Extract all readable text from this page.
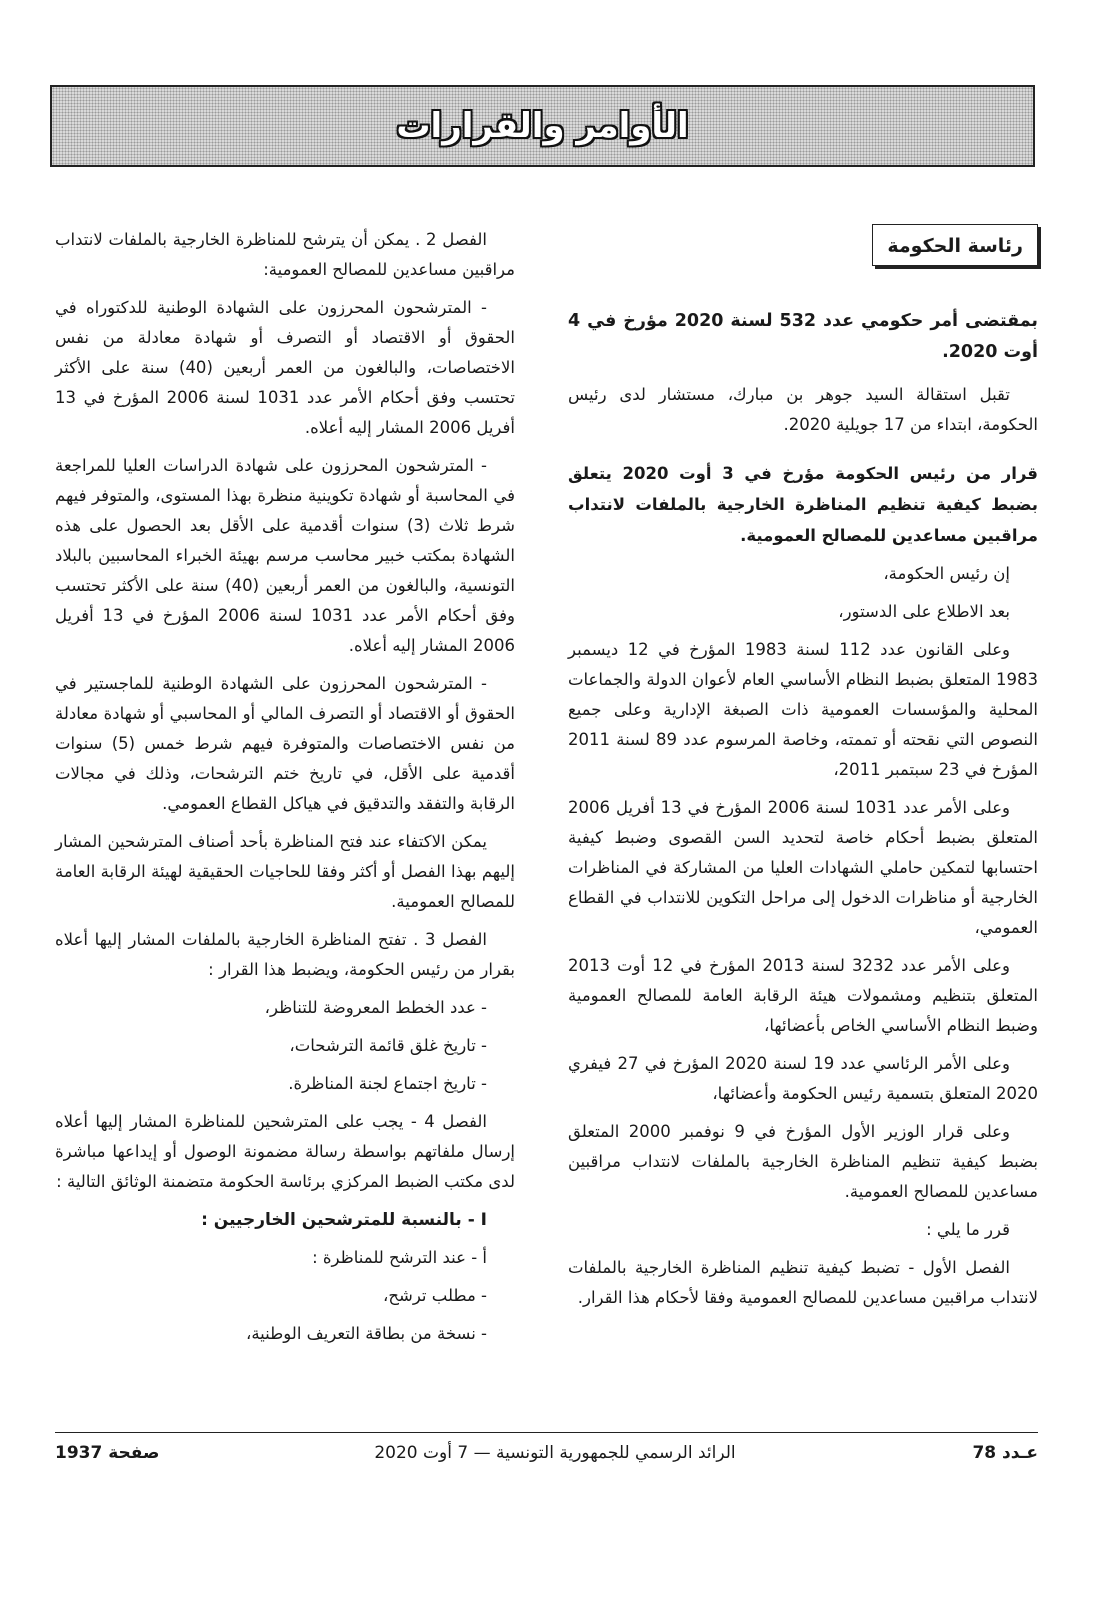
الأوامر والقرارات
رئاسة الحكومة

بمقتضى أمر حكومي عدد 532 لسنة 2020 مؤرخ في 4 أوت 2020.

تقبل استقالة السيد جوهر بن مبارك، مستشار لدى رئيس الحكومة، ابتداء من 17 جويلية 2020.

قرار من رئيس الحكومة مؤرخ في 3 أوت 2020 يتعلق بضبط كيفية تنظيم المناظرة الخارجية بالملفات لانتداب مراقبين مساعدين للمصالح العمومية.

إن رئيس الحكومة،

بعد الاطلاع على الدستور،

وعلى القانون عدد 112 لسنة 1983 المؤرخ في 12 ديسمبر 1983 المتعلق بضبط النظام الأساسي العام لأعوان الدولة والجماعات المحلية والمؤسسات العمومية ذات الصبغة الإدارية وعلى جميع النصوص التي نقحته أو تممته، وخاصة المرسوم عدد 89 لسنة 2011 المؤرخ في 23 سبتمبر 2011،

وعلى الأمر عدد 1031 لسنة 2006 المؤرخ في 13 أفريل 2006 المتعلق بضبط أحكام خاصة لتحديد السن القصوى وضبط كيفية احتسابها لتمكين حاملي الشهادات العليا من المشاركة في المناظرات الخارجية أو مناظرات الدخول إلى مراحل التكوين للانتداب في القطاع العمومي،

وعلى الأمر عدد 3232 لسنة 2013 المؤرخ في 12 أوت 2013 المتعلق بتنظيم ومشمولات هيئة الرقابة العامة للمصالح العمومية وضبط النظام الأساسي الخاص بأعضائها،

وعلى الأمر الرئاسي عدد 19 لسنة 2020 المؤرخ في 27 فيفري 2020 المتعلق بتسمية رئيس الحكومة وأعضائها،

وعلى قرار الوزير الأول المؤرخ في 9 نوفمبر 2000 المتعلق بضبط كيفية تنظيم المناظرة الخارجية بالملفات لانتداب مراقبين مساعدين للمصالح العمومية.

قرر ما يلي :

الفصل الأول - تضبط كيفية تنظيم المناظرة الخارجية بالملفات لانتداب مراقبين مساعدين للمصالح العمومية وفقا لأحكام هذا القرار.

الفصل 2 . يمكن أن يترشح للمناظرة الخارجية بالملفات لانتداب مراقبين مساعدين للمصالح العمومية:

- المترشحون المحرزون على الشهادة الوطنية للدكتوراه في الحقوق أو الاقتصاد أو التصرف أو شهادة معادلة من نفس الاختصاصات، والبالغون من العمر أربعين (40) سنة على الأكثر تحتسب وفق أحكام الأمر عدد 1031 لسنة 2006 المؤرخ في 13 أفريل 2006 المشار إليه أعلاه.

- المترشحون المحرزون على شهادة الدراسات العليا للمراجعة في المحاسبة أو شهادة تكوينية منظرة بهذا المستوى، والمتوفر فيهم شرط ثلاث (3) سنوات أقدمية على الأقل بعد الحصول على هذه الشهادة بمكتب خبير محاسب مرسم بهيئة الخبراء المحاسبين بالبلاد التونسية، والبالغون من العمر أربعين (40) سنة على الأكثر تحتسب وفق أحكام الأمر عدد 1031 لسنة 2006 المؤرخ في 13 أفريل 2006 المشار إليه أعلاه.

- المترشحون المحرزون على الشهادة الوطنية للماجستير في الحقوق أو الاقتصاد أو التصرف المالي أو المحاسبي أو شهادة معادلة من نفس الاختصاصات والمتوفرة فيهم شرط خمس (5) سنوات أقدمية على الأقل، في تاريخ ختم الترشحات، وذلك في مجالات الرقابة والتفقد والتدقيق في هياكل القطاع العمومي.

يمكن الاكتفاء عند فتح المناظرة بأحد أصناف المترشحين المشار إليهم بهذا الفصل أو أكثر وفقا للحاجيات الحقيقية لهيئة الرقابة العامة للمصالح العمومية.

الفصل 3 . تفتح المناظرة الخارجية بالملفات المشار إليها أعلاه بقرار من رئيس الحكومة، ويضبط هذا القرار :

- عدد الخطط المعروضة للتناظر،

- تاريخ غلق قائمة الترشحات،

- تاريخ اجتماع لجنة المناظرة.

الفصل 4 - يجب على المترشحين للمناظرة المشار إليها أعلاه إرسال ملفاتهم بواسطة رسالة مضمونة الوصول أو إيداعها مباشرة لدى مكتب الضبط المركزي برئاسة الحكومة متضمنة الوثائق التالية :

I - بالنسبة للمترشحين الخارجيين :

أ - عند الترشح للمناظرة :

- مطلب ترشح،

- نسخة من بطاقة التعريف الوطنية،

عـدد 78
الرائد الرسمي للجمهورية التونسية — 7 أوت 2020
صفحة 1937
